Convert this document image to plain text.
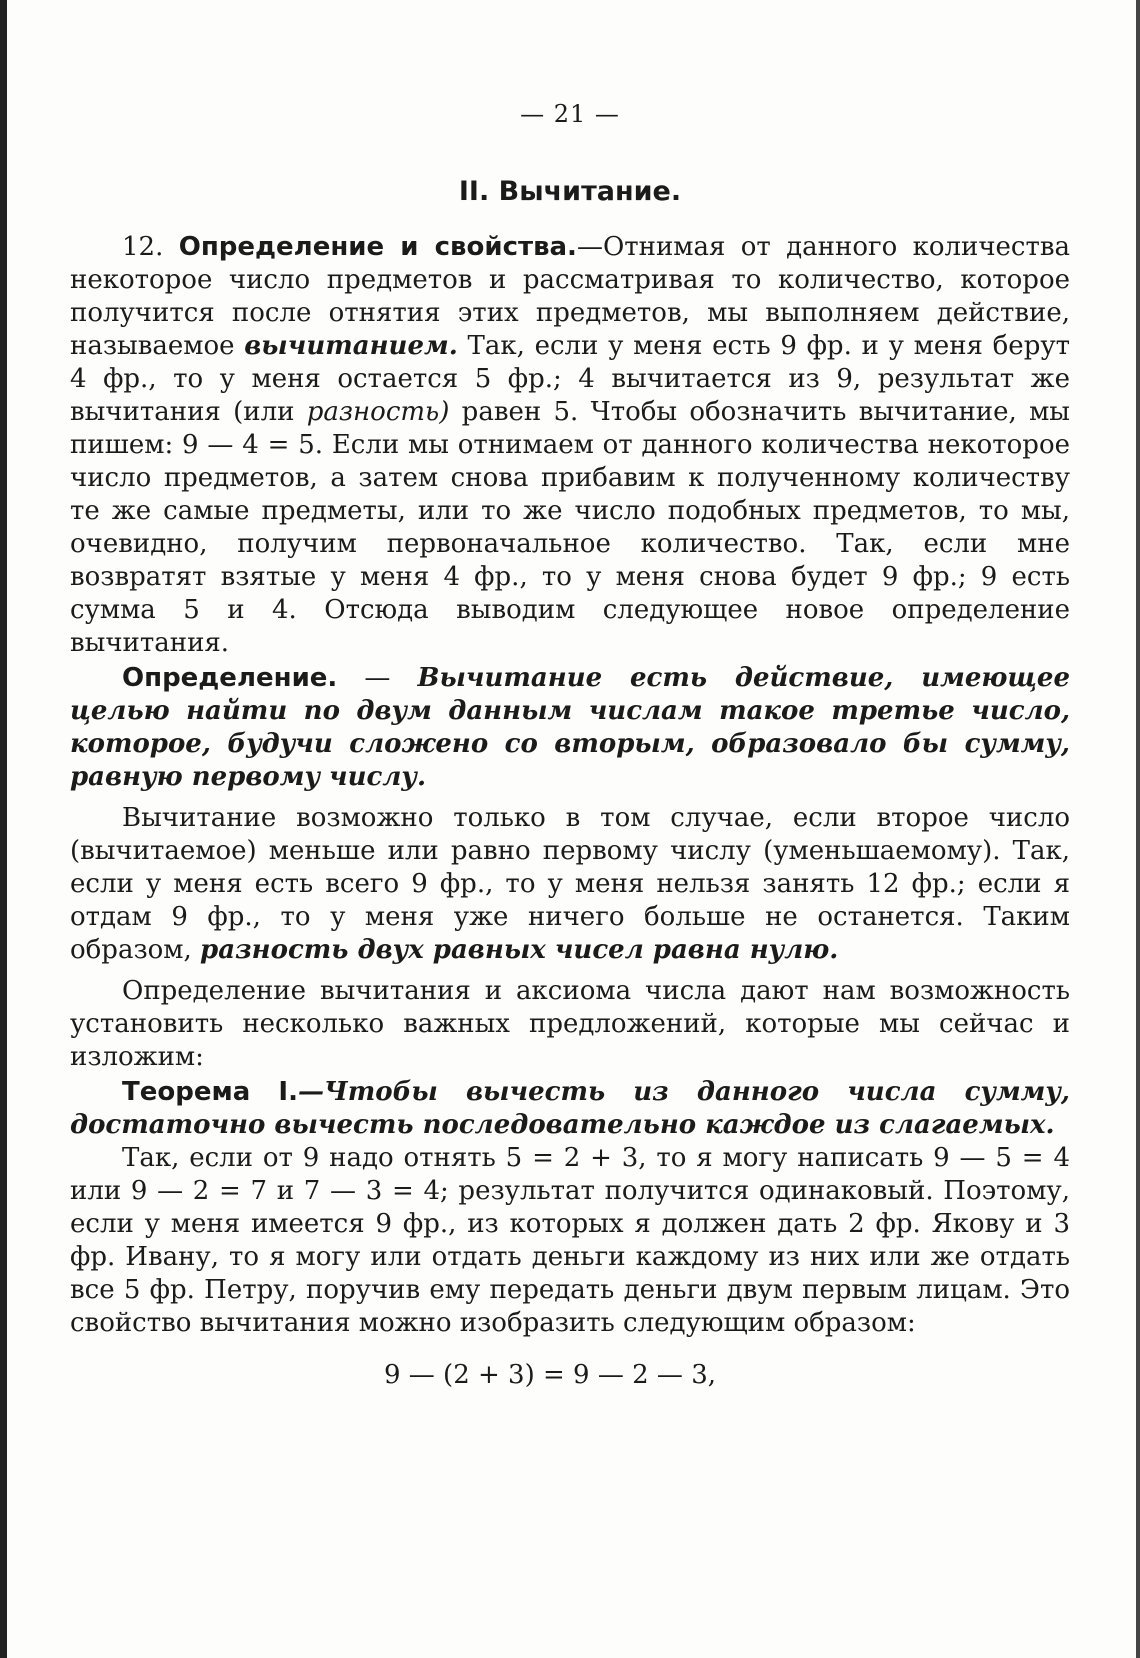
— 21 —
II. Вычитание.

12. Определение и свойства.—Отнимая от данного количества некоторое число предметов и рассматривая то количество, которое получится после отнятия этих предметов, мы выполняем действие, называемое вычитанием. Так, если у меня есть 9 фр. и у меня берут 4 фр., то у меня остается 5 фр.; 4 вычитается из 9, результат же вычитания (или разность) равен 5. Чтобы обозначить вычитание, мы пишем: 9 — 4 = 5. Если мы отнимаем от данного количества некоторое число предметов, а затем снова прибавим к полученному количеству те же самые предметы, или то же число подобных предметов, то мы, очевидно, получим первоначальное количество. Так, если мне возвратят взятые у меня 4 фр., то у меня снова будет 9 фр.; 9 есть сумма 5 и 4. Отсюда выводим следующее новое определение вычитания.

Определение. — Вычитание есть действие, имеющее целью найти по двум данным числам такое третье число, которое, будучи сложено со вторым, образовало бы сумму, равную первому числу.

Вычитание возможно только в том случае, если второе число (вычитаемое) меньше или равно первому числу (уменьшаемому). Так, если у меня есть всего 9 фр., то у меня нельзя занять 12 фр.; если я отдам 9 фр., то у меня уже ничего больше не останется. Таким образом, разность двух равных чисел равна нулю.

Определение вычитания и аксиома числа дают нам возможность установить несколько важных предложений, которые мы сейчас и изложим:

Теорема I.—Чтобы вычесть из данного числа сумму, достаточно вычесть последовательно каждое из слагаемых.

Так, если от 9 надо отнять 5 = 2 + 3, то я могу написать 9 — 5 = 4 или 9 — 2 = 7 и 7 — 3 = 4; результат получится одинаковый. Поэтому, если у меня имеется 9 фр., из которых я должен дать 2 фр. Якову и 3 фр. Ивану, то я могу или отдать деньги каждому из них или же отдать все 5 фр. Петру, поручив ему передать деньги двум первым лицам. Это свойство вычитания можно изобразить следующим образом:

9 — (2 + 3) = 9 — 2 — 3,
